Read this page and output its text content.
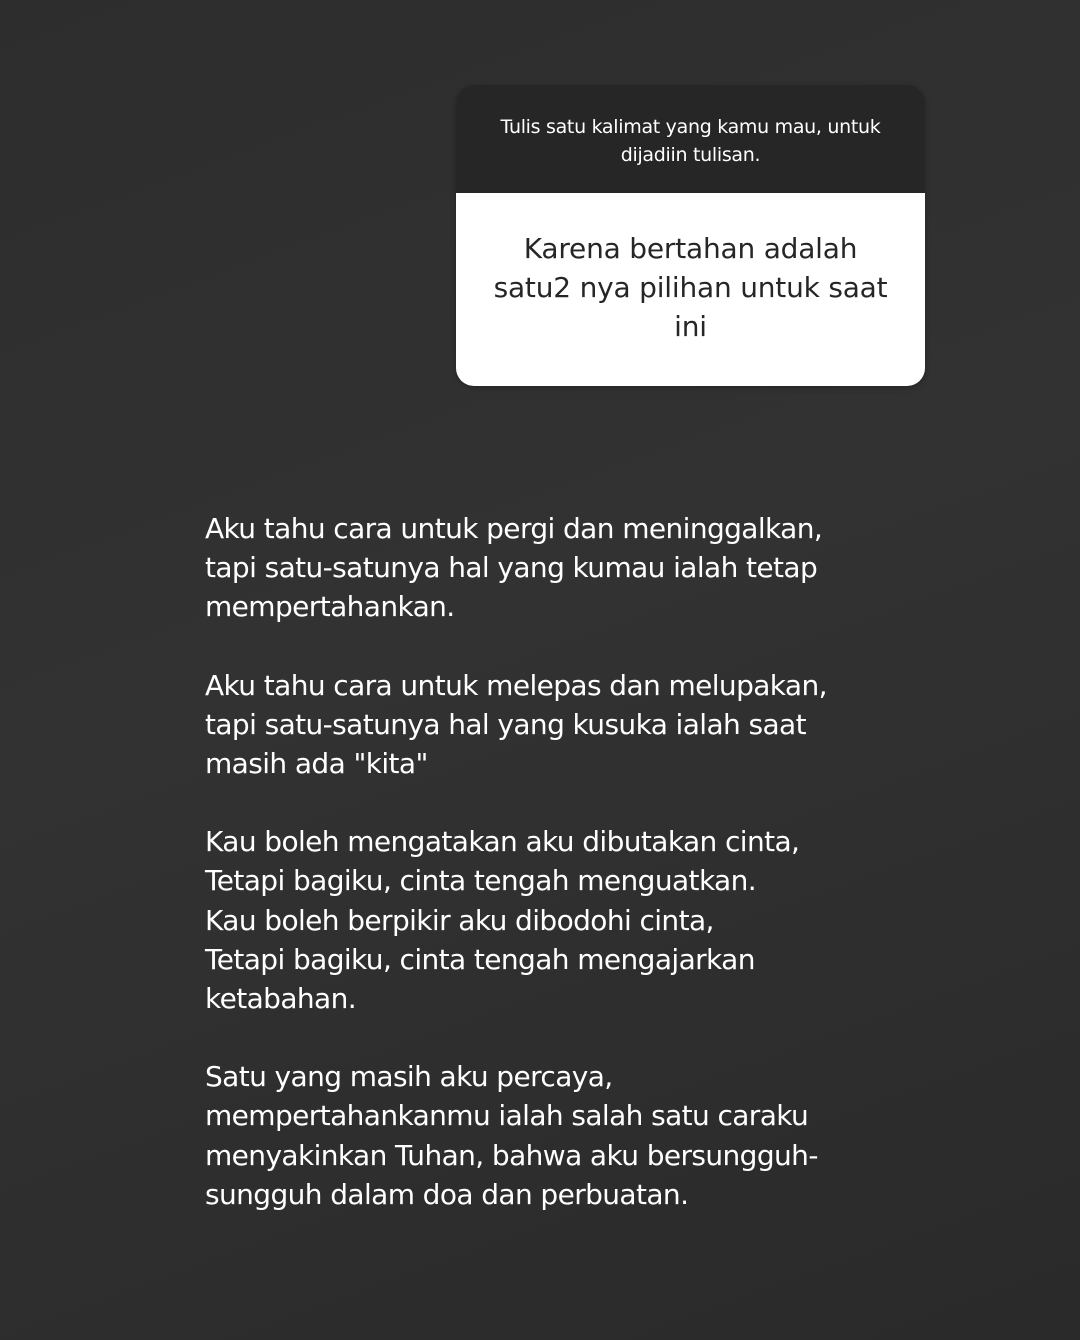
Tulis satu kalimat yang kamu mau, untuk dijadiin tulisan.
Karena bertahan adalah satu2 nya pilihan untuk saat ini

Aku tahu cara untuk pergi dan meninggalkan,
tapi satu-satunya hal yang kumau ialah tetap mempertahankan.

Aku tahu cara untuk melepas dan melupakan,
tapi satu-satunya hal yang kusuka ialah saat masih ada "kita"

Kau boleh mengatakan aku dibutakan cinta,
Tetapi bagiku, cinta tengah menguatkan.
Kau boleh berpikir aku dibodohi cinta,
Tetapi bagiku, cinta tengah mengajarkan ketabahan.

Satu yang masih aku percaya,
mempertahankanmu ialah salah satu caraku menyakinkan Tuhan, bahwa aku bersungguh-sungguh dalam doa dan perbuatan.
